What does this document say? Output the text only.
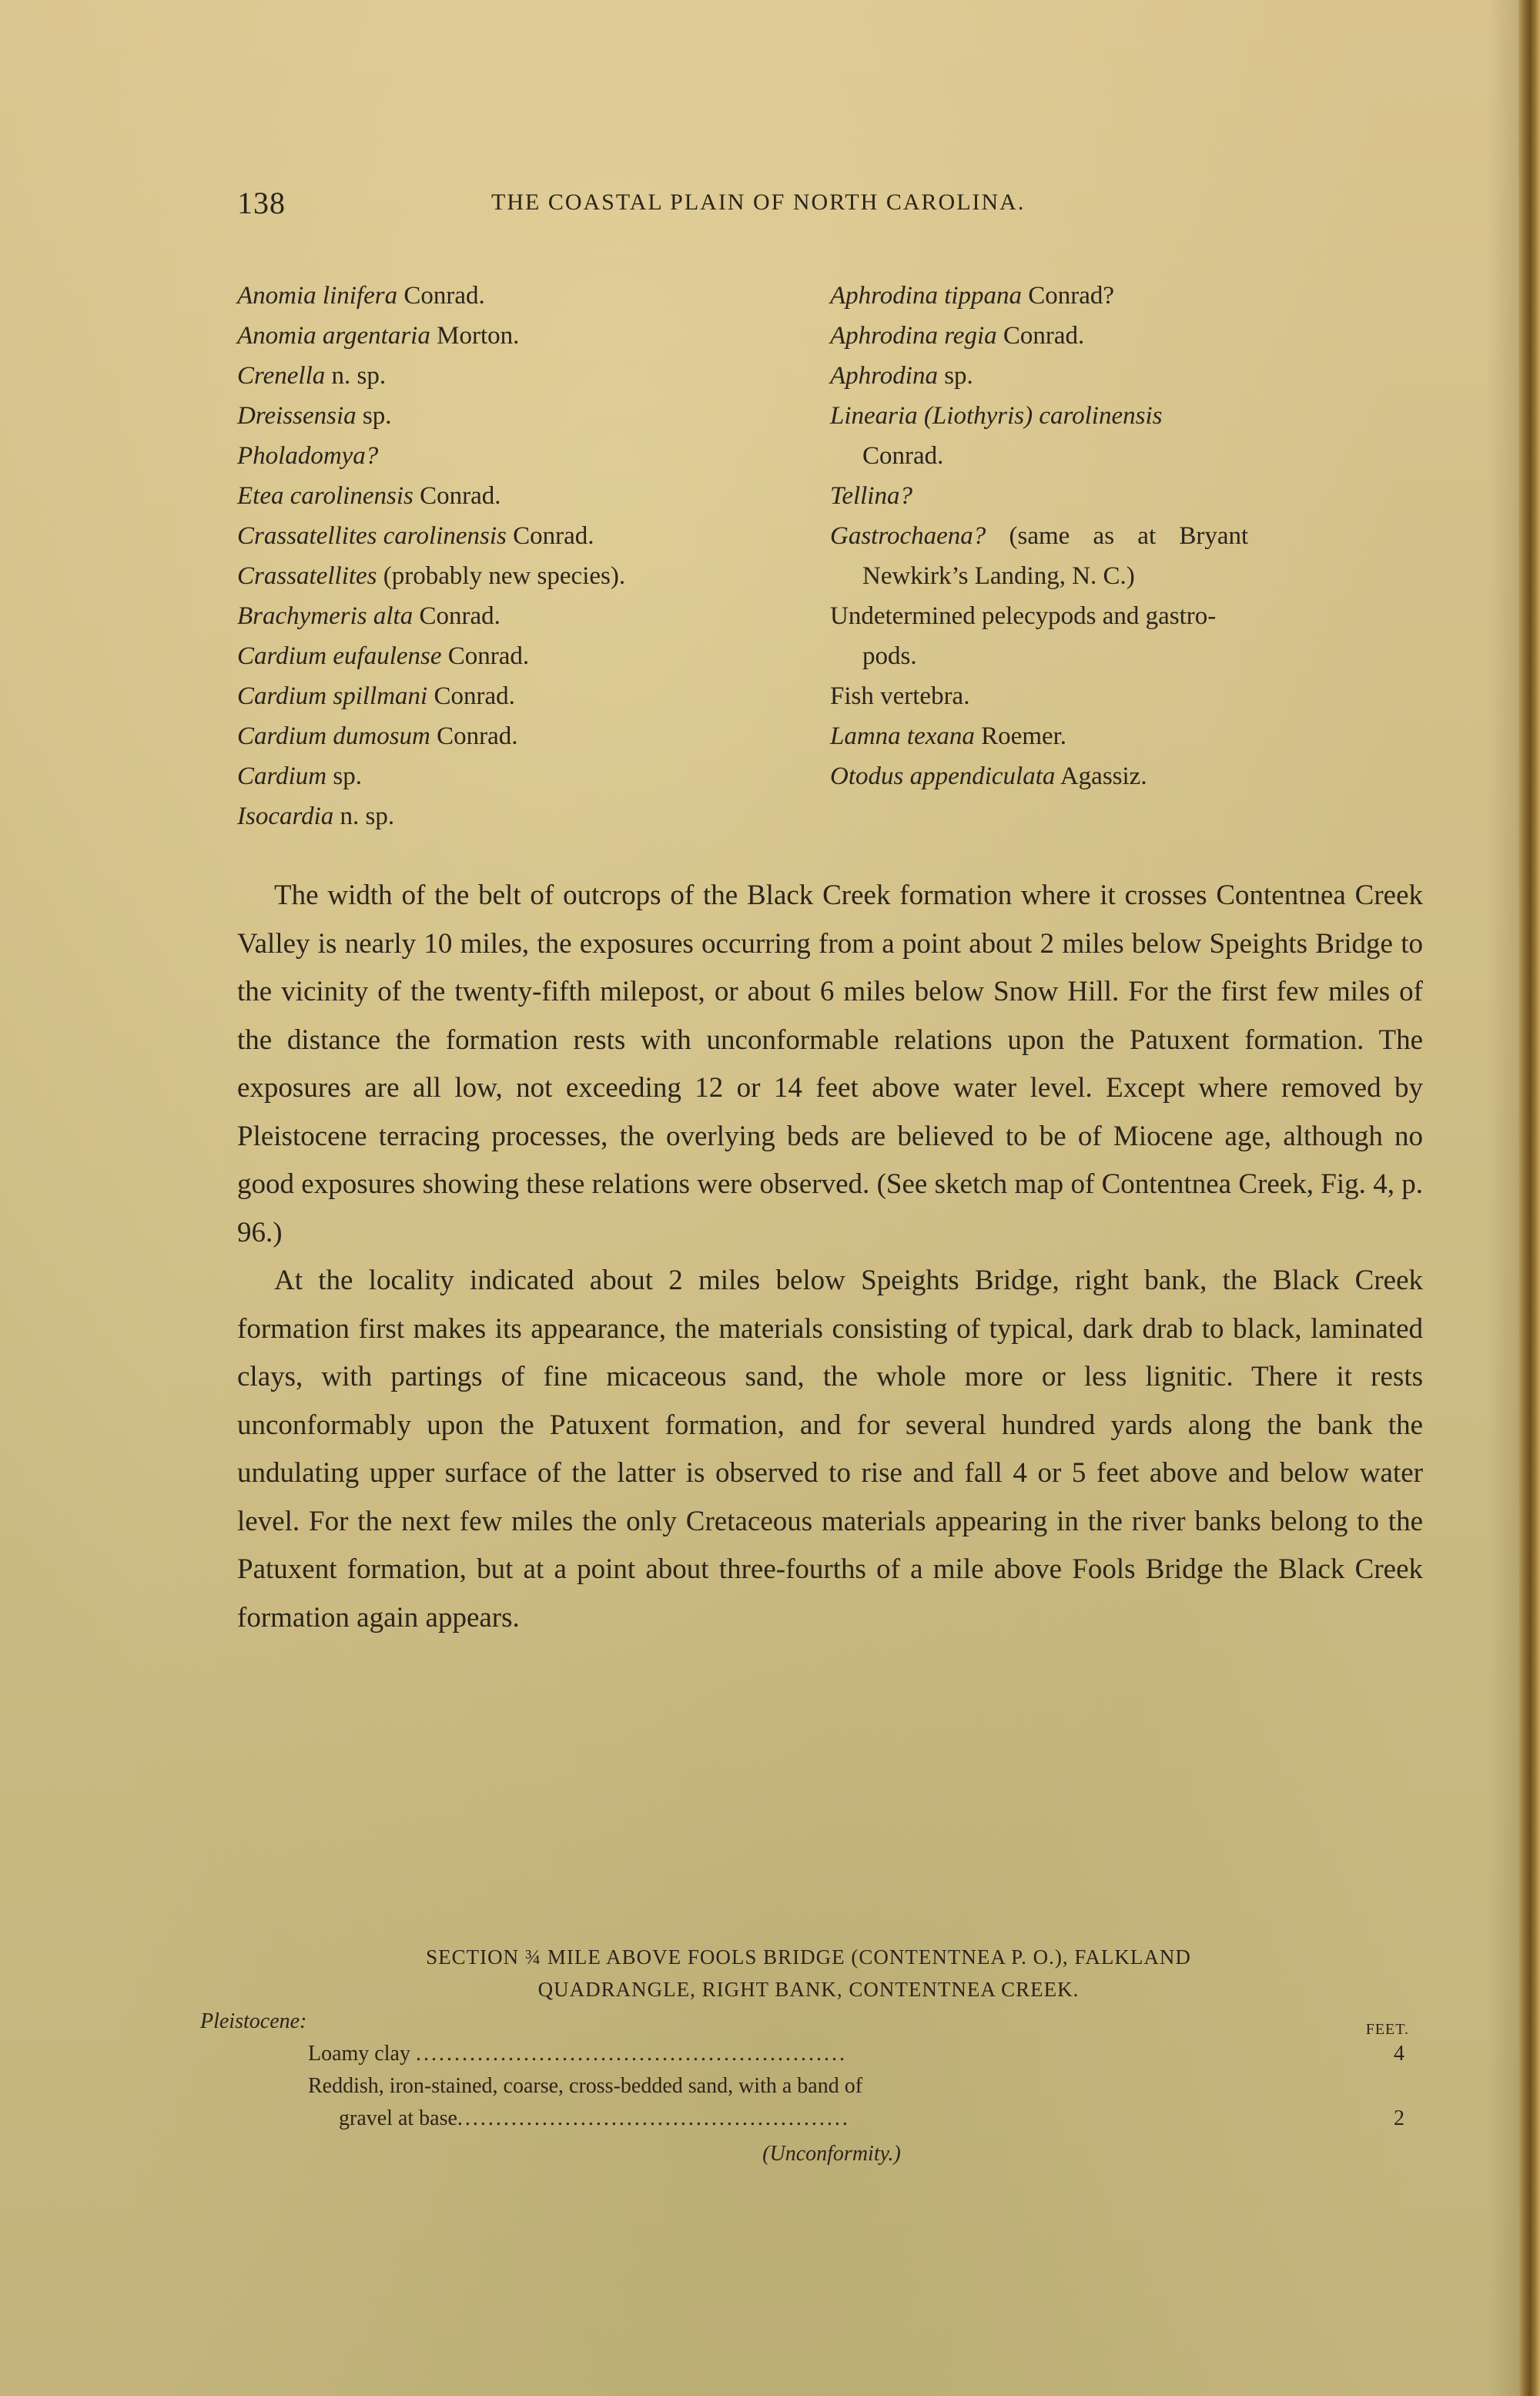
138	THE COASTAL PLAIN OF NORTH CAROLINA.
Anomia linifera Conrad.
Anomia argentaria Morton.
Crenella n. sp.
Dreissensia sp.
Pholadomya?
Etea carolinensis Conrad.
Crassatellites carolinensis Conrad.
Crassatellites (probably new species).
Brachymeris alta Conrad.
Cardium eufaulense Conrad.
Cardium spillmani Conrad.
Cardium dumosum Conrad.
Cardium sp.
Isocardia n. sp.
Aphrodina tippana Conrad?
Aphrodina regia Conrad.
Aphrodina sp.
Linearia (Liothyris) carolinensis
Conrad.
Tellina?
Gastrochaena? (same as at Bryant
Newkirk’s Landing, N. C.)
Undetermined pelecypods and gastro-
pods.
Fish vertebra.
Lamna texana Roemer.
Otodus appendiculata Agassiz.

The width of the belt of outcrops of the Black Creek formation where it crosses Contentnea Creek Valley is nearly 10 miles, the exposures occurring from a point about 2 miles below Speights Bridge to the vicinity of the twenty-fifth milepost, or about 6 miles below Snow Hill. For the first few miles of the distance the formation rests with unconformable relations upon the Patuxent formation. The exposures are all low, not exceeding 12 or 14 feet above water level. Except where removed by Pleistocene terracing processes, the overlying beds are believed to be of Miocene age, although no good exposures showing these relations were observed. (See sketch map of Contentnea Creek, Fig. 4, p. 96.)

At the locality indicated about 2 miles below Speights Bridge, right bank, the Black Creek formation first makes its appearance, the materials consisting of typical, dark drab to black, laminated clays, with partings of fine micaceous sand, the whole more or less lignitic. There it rests unconformably upon the Patuxent formation, and for several hundred yards along the bank the undulating upper surface of the latter is observed to rise and fall 4 or 5 feet above and below water level. For the next few miles the only Cretaceous materials appearing in the river banks belong to the Patuxent formation, but at a point about three-fourths of a mile above Fools Bridge the Black Creek formation again appears.

SECTION ¾ MILE ABOVE FOOLS BRIDGE (CONTENTNEA P. O.), FALKLAND
QUADRANGLE, RIGHT BANK, CONTENTNEA CREEK.
Pleistocene:	FEET.
Loamy clay ........................................................	4
Reddish, iron-stained, coarse, cross-bedded sand, with a band of
gravel at base...................................................	2
(Unconformity.)
